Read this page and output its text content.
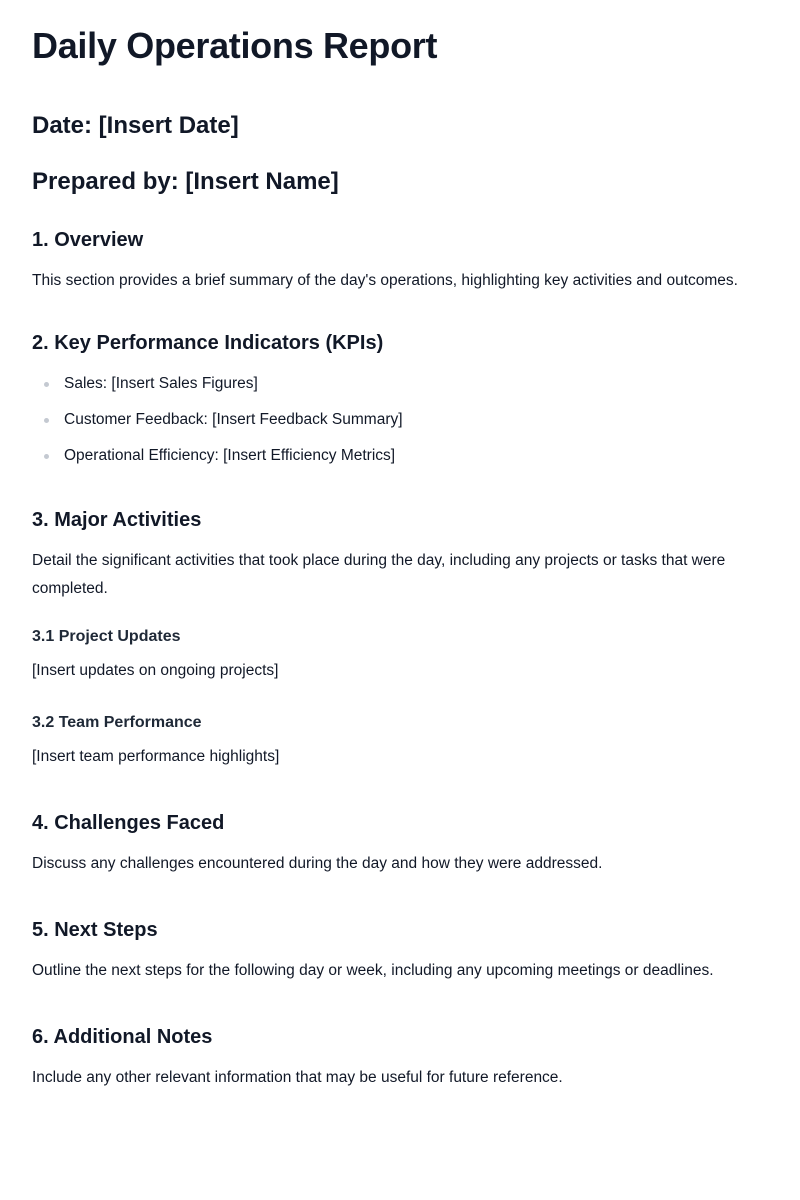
Daily Operations Report
Date: [Insert Date]
Prepared by: [Insert Name]
1. Overview

This section provides a brief summary of the day's operations, highlighting key activities and outcomes.

2. Key Performance Indicators (KPIs)
Sales: [Insert Sales Figures]
Customer Feedback: [Insert Feedback Summary]
Operational Efficiency: [Insert Efficiency Metrics]
3. Major Activities

Detail the significant activities that took place during the day, including any projects or tasks that were completed.

3.1 Project Updates

[Insert updates on ongoing projects]

3.2 Team Performance

[Insert team performance highlights]

4. Challenges Faced

Discuss any challenges encountered during the day and how they were addressed.

5. Next Steps

Outline the next steps for the following day or week, including any upcoming meetings or deadlines.

6. Additional Notes

Include any other relevant information that may be useful for future reference.
